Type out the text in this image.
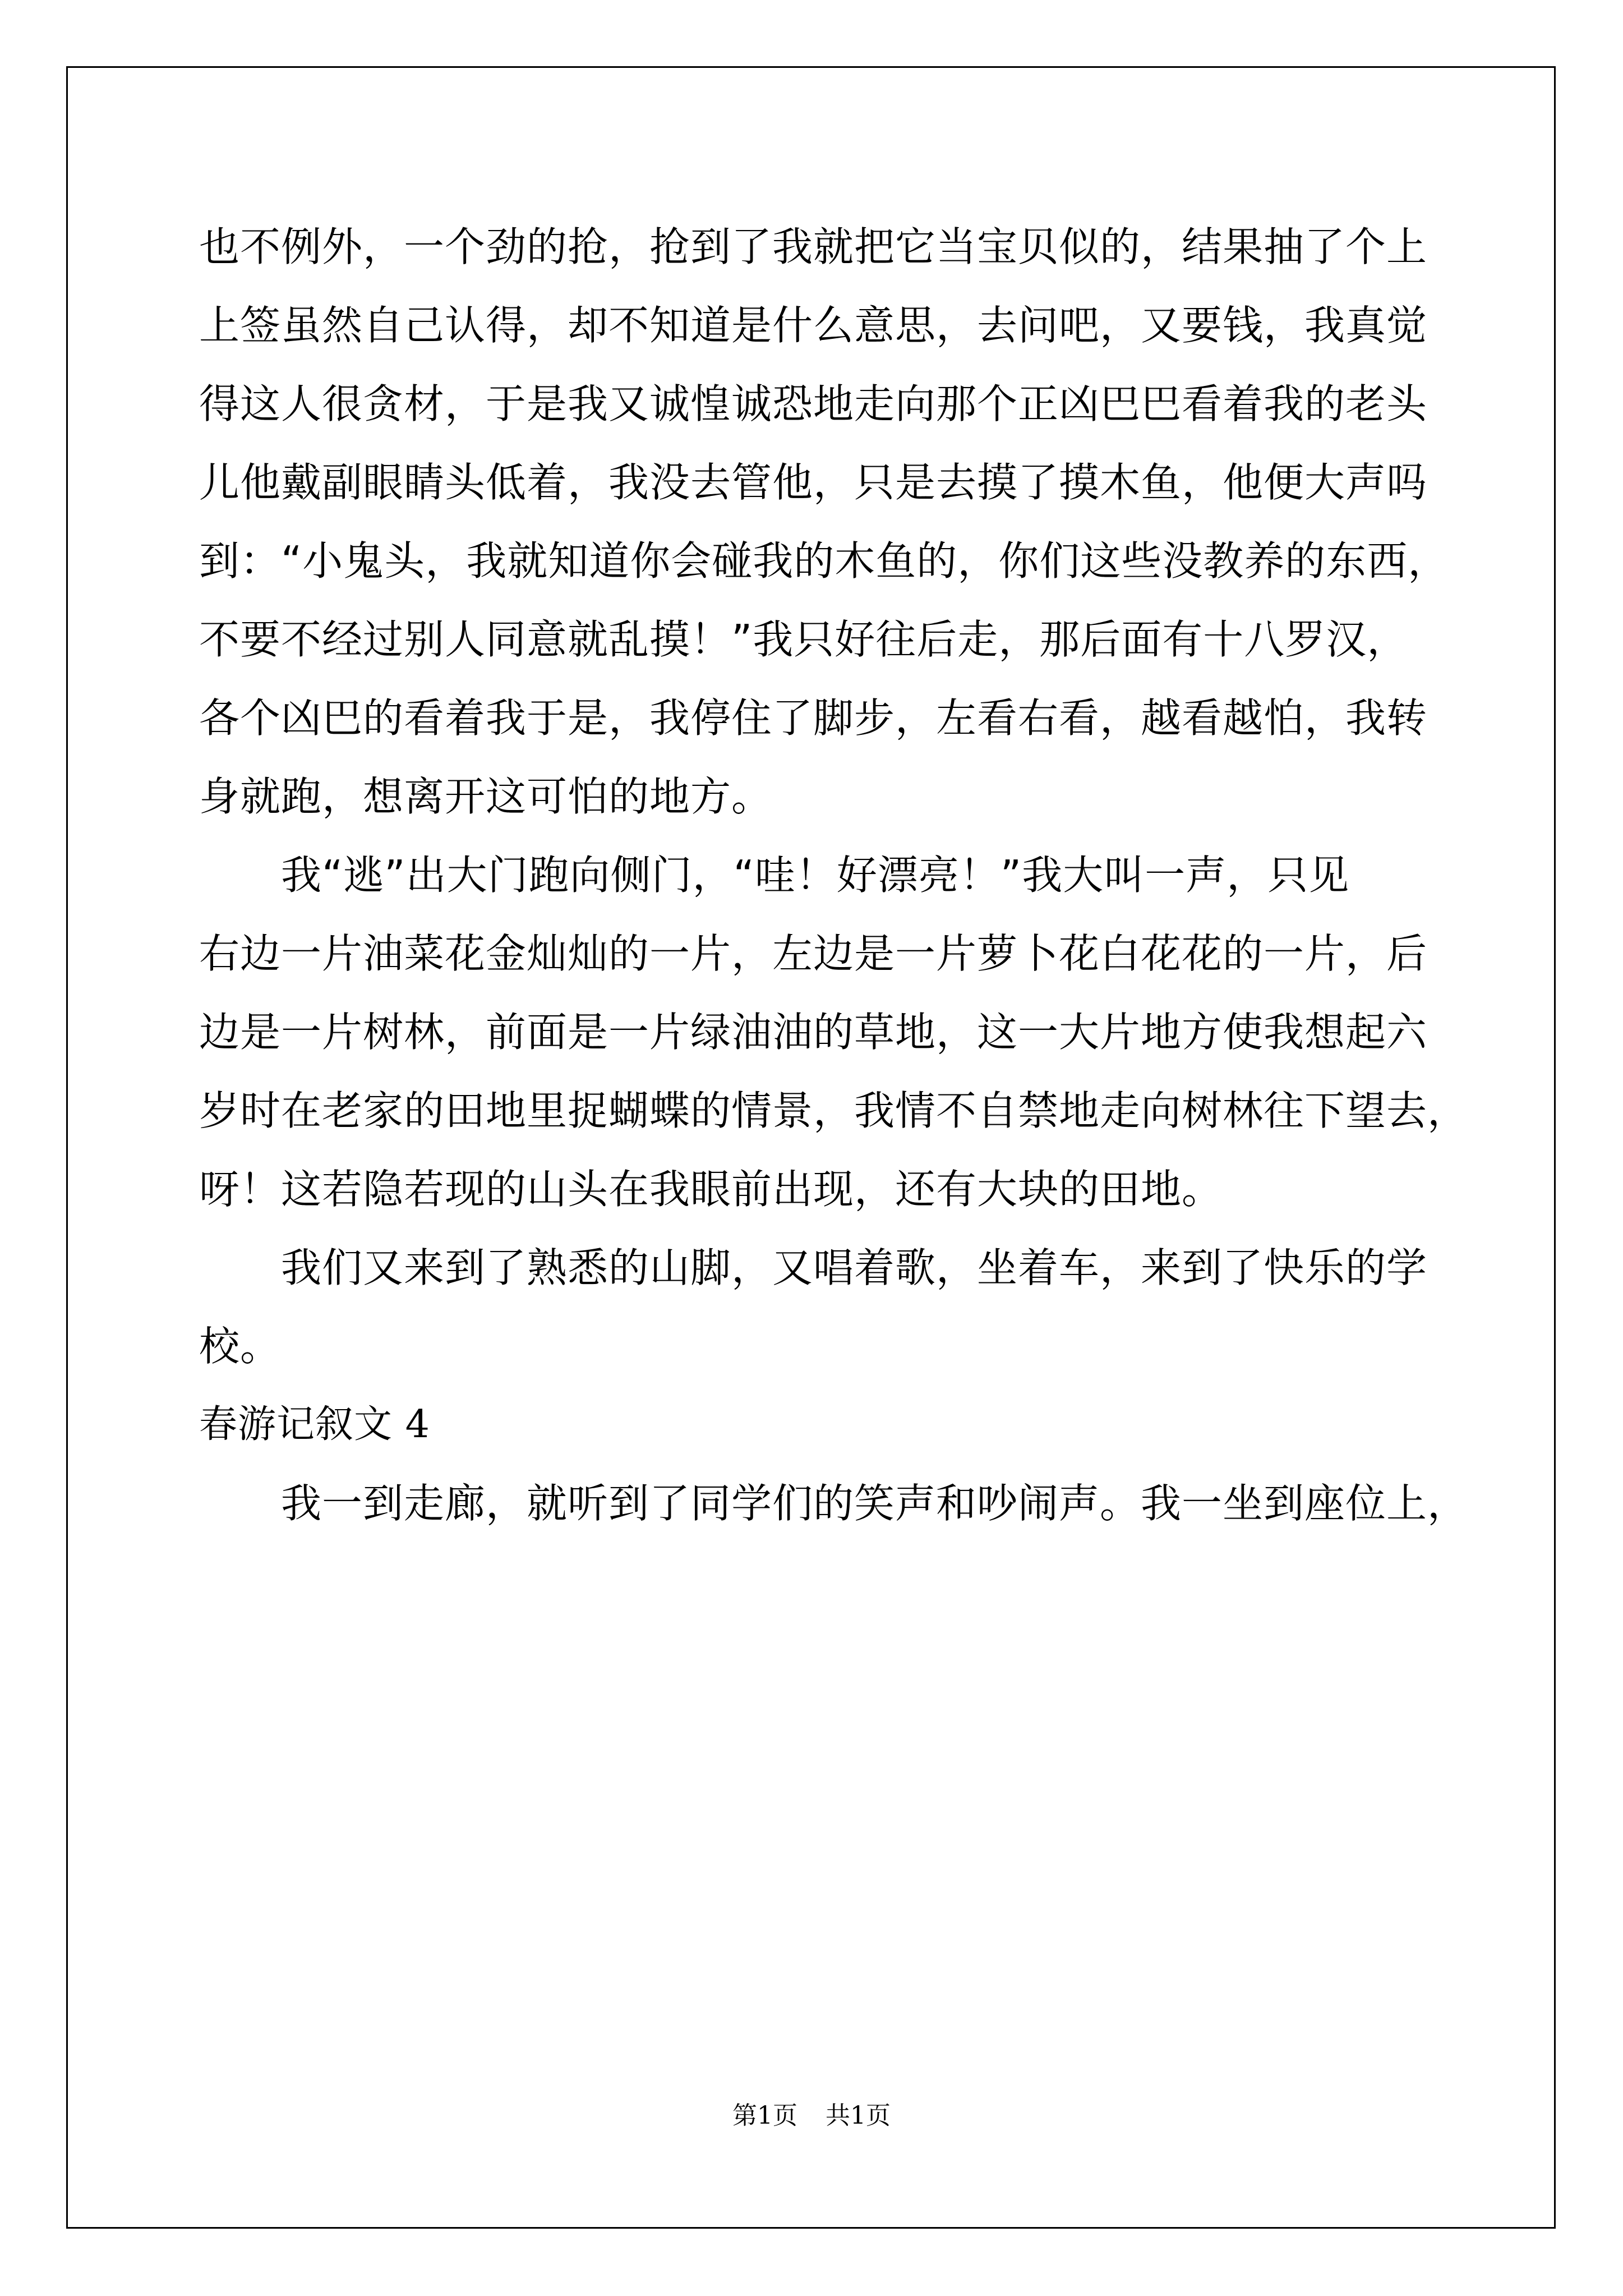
也不例外，一个劲的抢，抢到了我就把它当宝贝似的，结果抽了个上
上签虽然自己认得，却不知道是什么意思，去问吧，又要钱，我真觉
得这人很贪材，于是我又诚惶诚恐地走向那个正凶巴巴看着我的老头
儿他戴副眼睛头低着，我没去管他，只是去摸了摸木鱼，他便大声吗
到：“小鬼头，我就知道你会碰我的木鱼的，你们这些没教养的东西，
不要不经过别人同意就乱摸！”我只好往后走，那后面有十八罗汉，
各个凶巴的看着我于是，我停住了脚步，左看右看，越看越怕，我转
身就跑，想离开这可怕的地方。
我“逃”出大门跑向侧门，“哇！好漂亮！”我大叫一声，只见
右边一片油菜花金灿灿的一片，左边是一片萝卜花白花花的一片，后
边是一片树林，前面是一片绿油油的草地，这一大片地方使我想起六
岁时在老家的田地里捉蝴蝶的情景，我情不自禁地走向树林往下望去，
呀！这若隐若现的山头在我眼前出现，还有大块的田地。
我们又来到了熟悉的山脚，又唱着歌，坐着车，来到了快乐的学
校。
春游记叙文 4
我一到走廊，就听到了同学们的笑声和吵闹声。我一坐到座位上，
第1页 共1页
